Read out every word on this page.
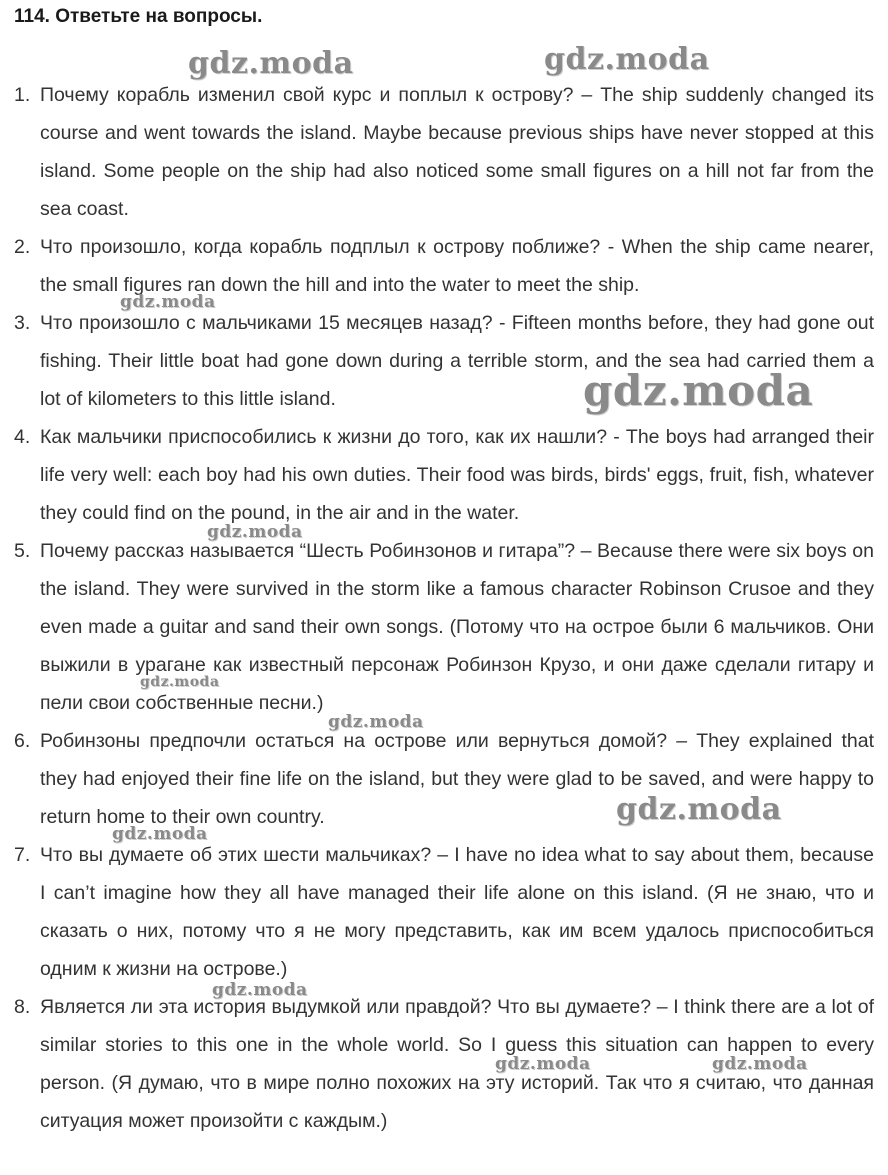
114. Ответьте на вопросы.

1. Почему корабль изменил свой курс и поплыл к острову? – The ship suddenly changed its course and went towards the island. Maybe because previous ships have never stopped at this island. Some people on the ship had also noticed some small figures on a hill not far from the sea coast.

2. Что произошло, когда корабль подплыл к острову поближе? - When the ship came nearer, the small figures ran down the hill and into the water to meet the ship.

3. Что произошло с мальчиками 15 месяцев назад? - Fifteen months before, they had gone out fishing. Their little boat had gone down during a terrible storm, and the sea had carried them a lot of kilometers to this little island.

4. Как мальчики приспособились к жизни до того, как их нашли? - The boys had arranged their life very well: each boy had his own duties. Their food was birds, birds' eggs, fruit, fish, whatever they could find on the pound, in the air and in the water.

5. Почему рассказ называется “Шесть Робинзонов и гитара”? – Because there were six boys on the island. They were survived in the storm like a famous character Robinson Crusoe and they even made a guitar and sand their own songs. (Потому что на острое были 6 мальчиков. Они выжили в урагане как известный персонаж Робинзон Крузо, и они даже сделали гитару и пели свои собственные песни.)

6. Робинзоны предпочли остаться на острове или вернуться домой? – They explained that they had enjoyed their fine life on the island, but they were glad to be saved, and were happy to return home to their own country.

7. Что вы думаете об этих шести мальчиках? – I have no idea what to say about them, because I can’t imagine how they all have managed their life alone on this island. (Я не знаю, что и сказать о них, потому что я не могу представить, как им всем удалось приспособиться одним к жизни на острове.)

8. Является ли эта история выдумкой или правдой? Что вы думаете? – I think there are a lot of similar stories to this one in the whole world. So I guess this situation can happen to every person. (Я думаю, что в мире полно похожих на эту историй. Так что я считаю, что данная ситуация может произойти с каждым.)

gdz.moda	gdz.moda
gdz.moda
gdz.moda
gdz.moda
gdz.moda
gdz.moda
gdz.moda
gdz.moda
gdz.moda
gdz.moda	gdz.moda
